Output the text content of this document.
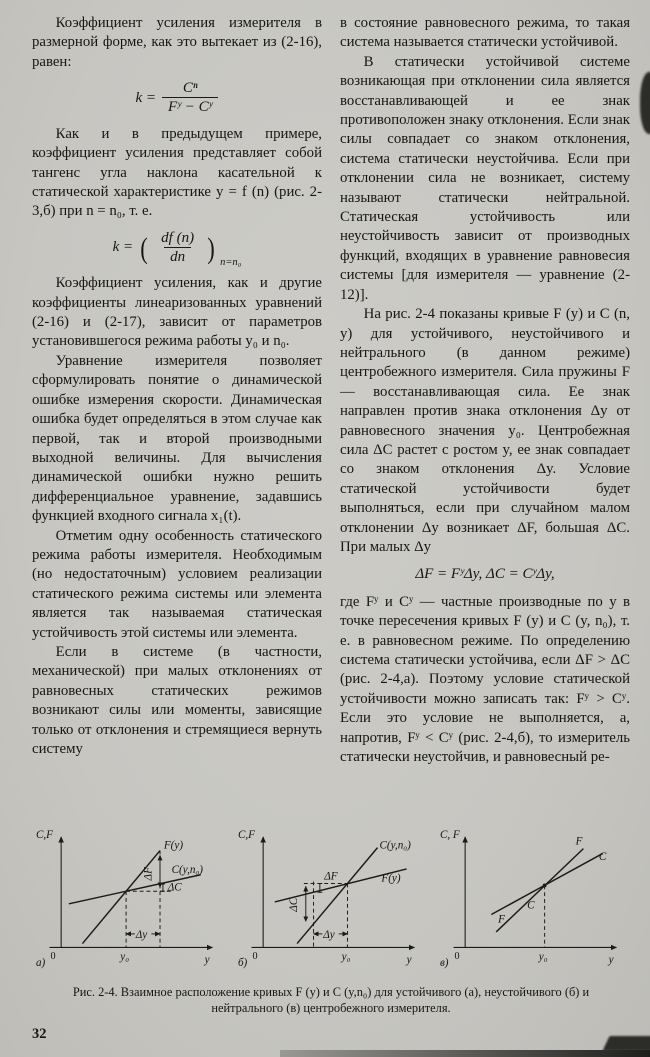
Коэффициент усиления измерителя в размерной форме, как это вытекает из (2-16), равен:

$k = \frac{\text{Cⁿ}}{\text{Fʸ − Cʸ}}$

Как и в предыдущем примере, коэффициент усиления представляет собой тангенс угла наклона касательной к статической характеристике y = f (n) (рис. 2-3,б) при n = n₀, т. е.

k = ( $\frac{df (n)}{dn}$ ) n=n₀

Коэффициент усиления, как и другие коэффициенты линеаризованных уравнений (2-16) и (2-17), зависит от параметров установившегося режима работы y₀ и n₀.

Уравнение измерителя позволяет сформулировать понятие о динамической ошибке измерения скорости. Динамическая ошибка будет определяться в этом случае как первой, так и второй производными выходной величины. Для вычисления динамической ошибки нужно решить дифференциальное уравнение, задавшись функцией входного сигнала x₁(t).

Отметим одну особенность статического режима работы измерителя. Необходимым (но недостаточным) условием реализации статического режима системы или элемента является так называемая статическая устойчивость этой системы или элемента.

Если в системе (в частности, механической) при малых отклонениях от равновесных статических режимов возникают силы или моменты, зависящие только от отклонения и стремящиеся вернуть систему

в состояние равновесного режима, то такая система называется статически устойчивой.

В статически устойчивой системе возникающая при отклонении сила является восстанавливающей и ее знак противоположен знаку отклонения. Если знак силы совпадает со знаком отклонения, система статически неустойчива. Если при отклонении сила не возникает, систему называют статически нейтральной. Статическая устойчивость или неустойчивость зависит от производных функций, входящих в уравнение равновесия системы [для измерителя — уравнение (2-12)].

На рис. 2-4 показаны кривые F (y) и C (n, y) для устойчивого, неустойчивого и нейтрального (в данном режиме) центробежного измерителя. Сила пружины F — восстанавливающая сила. Ее знак направлен против знака отклонения Δy от равновесного значения y₀. Центробежная сила ΔC растет с ростом y, ее знак совпадает со знаком отклонения Δy. Условие статической устойчивости будет выполняться, если при случайном малом отклонении Δy возникает ΔF, большая ΔC. При малых Δy

ΔF = FʸΔy, ΔC = CʸΔy,

где Fʸ и Cʸ — частные производные по y в точке пересечения кривых F (y) и C (y, n₀), т. е. в равновесном режиме. По определению система статически устойчива, если ΔF > ΔC (рис. 2-4,а). Поэтому условие статической устойчивости можно записать так: Fʸ > Cʸ. Если это условие не выполняется, а, напротив, Fʸ < Cʸ (рис. 2-4,б), то измеритель статически неустойчив, и равновесный ре-

C,F
y
0
ΔF
ΔC
F(y)
C(y,n₀)
Δy
y₀
а)
C,F
y
0
ΔC
ΔF
C(y,n₀)
F(y)
Δy
y₀
б)
C, F
y
0
F
C
F
C
y₀
в)

Рис. 2-4. Взаимное расположение кривых F (y) и C (y,n₀) для устойчивого (а), неустойчивого (б) и нейтрального (в) центробежного измерителя.

32
